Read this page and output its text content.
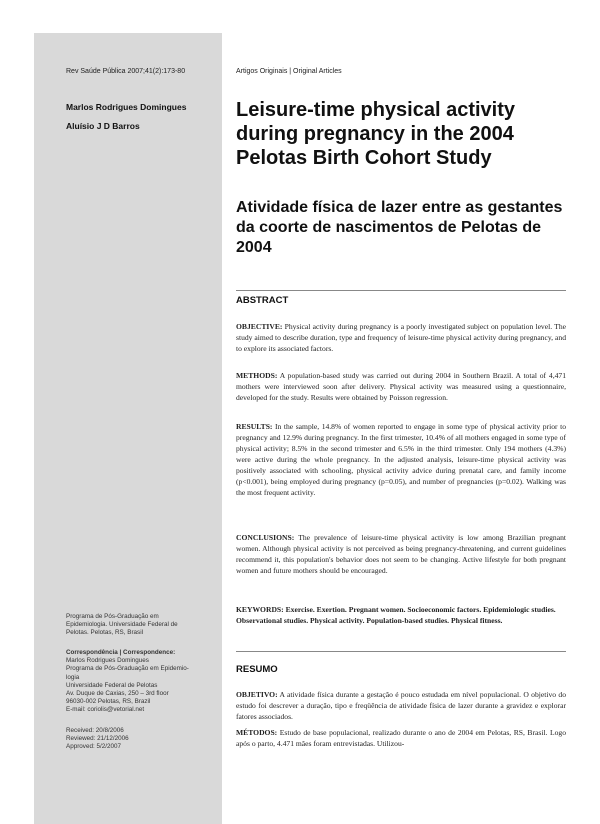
Rev Saúde Pública 2007;41(2):173-80	Artigos Originais | Original Articles
Marlos Rodrigues Domingues
Aluísio J D Barros
Leisure-time physical activity during pregnancy in the 2004 Pelotas Birth Cohort Study
Atividade física de lazer entre as gestantes da coorte de nascimentos de Pelotas de 2004
ABSTRACT

OBJECTIVE: Physical activity during pregnancy is a poorly investigated subject on population level. The study aimed to describe duration, type and frequency of leisure-time physical activity during pregnancy, and to explore its associated factors.

METHODS: A population-based study was carried out during 2004 in Southern Brazil. A total of 4,471 mothers were interviewed soon after delivery. Physical activity was measured using a questionnaire, developed for the study. Results were obtained by Poisson regression.

RESULTS: In the sample, 14.8% of women reported to engage in some type of physical activity prior to pregnancy and 12.9% during pregnancy. In the first trimester, 10.4% of all mothers engaged in some type of physical activity; 8.5% in the second trimester and 6.5% in the third trimester. Only 194 mothers (4.3%) were active during the whole pregnancy. In the adjusted analysis, leisure-time physical activity was positively associated with schooling, physical activity advice during prenatal care, and family income (p<0.001), being employed during pregnancy (p=0.05), and number of pregnancies (p=0.02). Walking was the most frequent activity.

CONCLUSIONS: The prevalence of leisure-time physical activity is low among Brazilian pregnant women. Although physical activity is not perceived as being pregnancy-threatening, and current guidelines recommend it, this population's behavior does not seem to be changing. Active lifestyle for both pregnant women and future mothers should be encouraged.

KEYWORDS: Exercise. Exertion. Pregnant women. Socioeconomic factors. Epidemiologic studies. Observational studies. Physical activity. Population-based studies. Physical fitness.

RESUMO

OBJETIVO: A atividade física durante a gestação é pouco estudada em nível populacional. O objetivo do estudo foi descrever a duração, tipo e freqüência de atividade física de lazer durante a gravidez e explorar fatores associados.

MÉTODOS: Estudo de base populacional, realizado durante o ano de 2004 em Pelotas, RS, Brasil. Logo após o parto, 4.471 mães foram entrevistadas. Utilizou-

Programa de Pós-Graduação em
Epidemiologia. Universidade Federal de
Pelotas. Pelotas, RS, Brasil
Correspondência | Correspondence:
Marlos Rodrigues Domingues
Programa de Pós-Graduação em Epidemio-
logia
Universidade Federal de Pelotas
Av. Duque de Caxias, 250 – 3rd floor
96030-002 Pelotas, RS, Brazil
E-mail: coriolis@vetorial.net
Received: 20/8/2006
Reviewed: 21/12/2006
Approved: 5/2/2007
